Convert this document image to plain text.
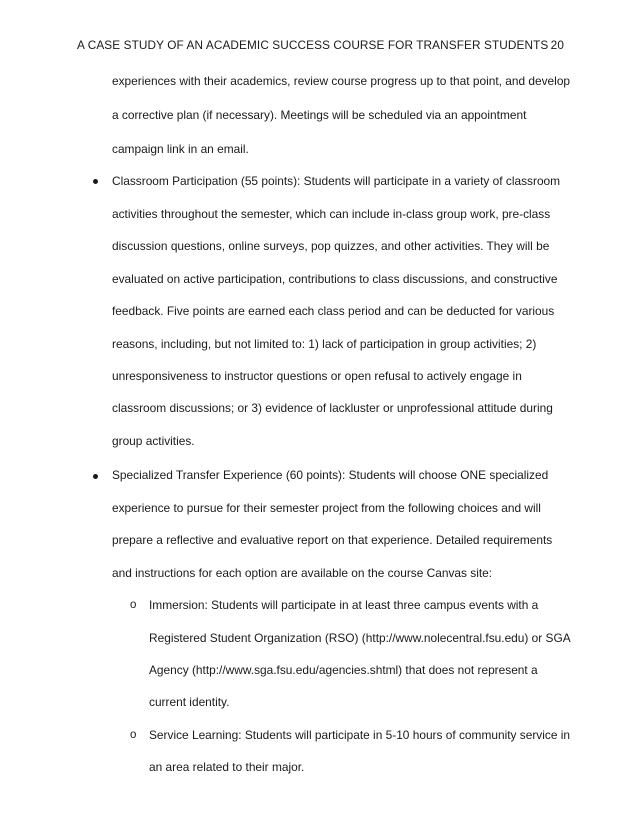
A CASE STUDY OF AN ACADEMIC SUCCESS COURSE FOR TRANSFER STUDENTS 20
experiences with their academics, review course progress up to that point, and develop
a corrective plan (if necessary). Meetings will be scheduled via an appointment
campaign link in an email.
Classroom Participation (55 points): Students will participate in a variety of classroom
activities throughout the semester, which can include in-class group work, pre-class
discussion questions, online surveys, pop quizzes, and other activities. They will be
evaluated on active participation, contributions to class discussions, and constructive
feedback. Five points are earned each class period and can be deducted for various
reasons, including, but not limited to: 1) lack of participation in group activities; 2)
unresponsiveness to instructor questions or open refusal to actively engage in
classroom discussions; or 3) evidence of lackluster or unprofessional attitude during
group activities.
Specialized Transfer Experience (60 points): Students will choose ONE specialized
experience to pursue for their semester project from the following choices and will
prepare a reflective and evaluative report on that experience. Detailed requirements
and instructions for each option are available on the course Canvas site:
o Immersion: Students will participate in at least three campus events with a
Registered Student Organization (RSO) (http://www.nolecentral.fsu.edu) or SGA
Agency (http://www.sga.fsu.edu/agencies.shtml) that does not represent a
current identity.
o Service Learning: Students will participate in 5-10 hours of community service in
an area related to their major.
